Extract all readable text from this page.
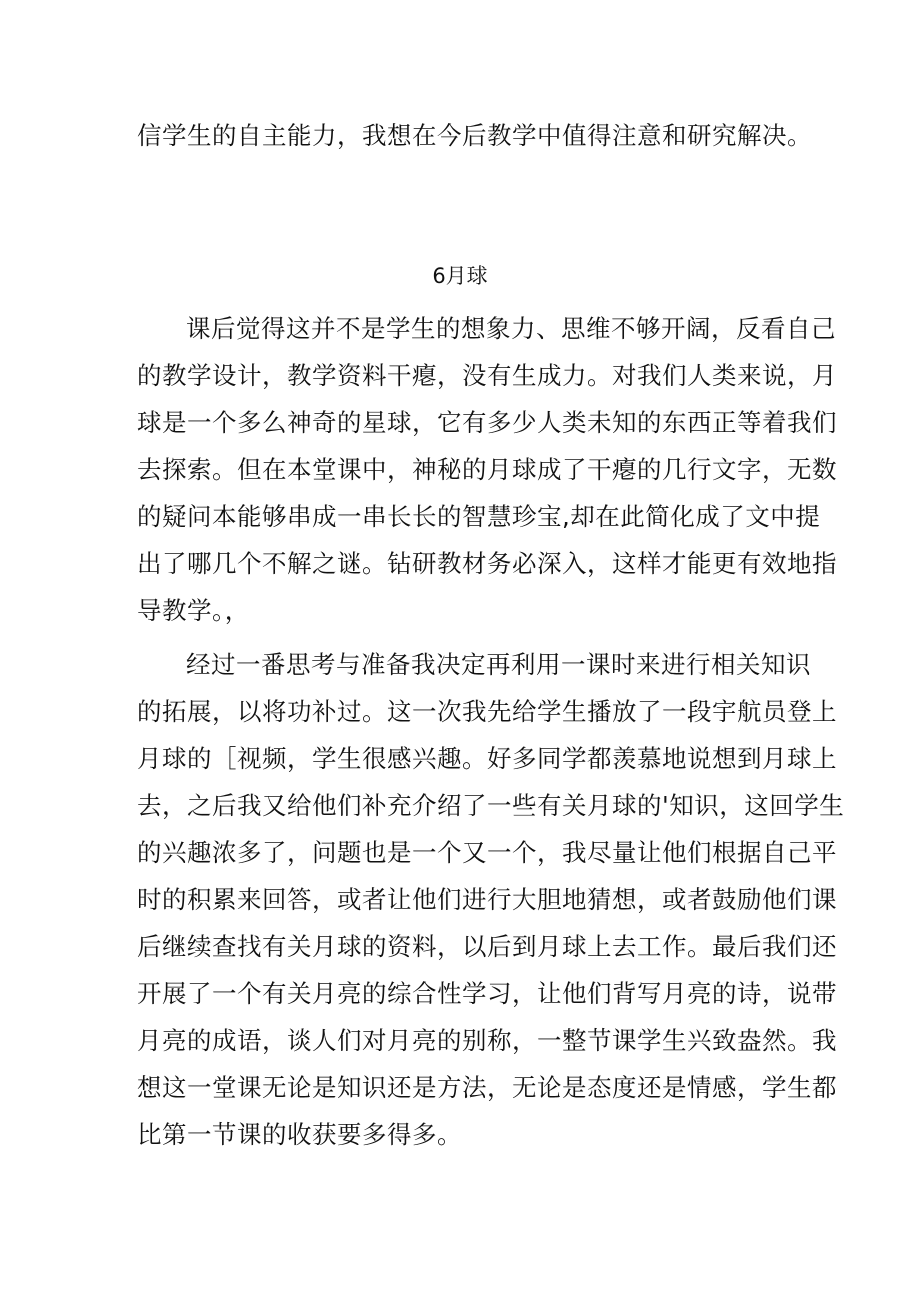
信学生的自主能力，我想在今后教学中值得注意和研究解决。
6月球
课后觉得这并不是学生的想象力、思维不够开阔，反看自己
的教学设计，教学资料干瘪，没有生成力。对我们人类来说，月
球是一个多么神奇的星球，它有多少人类未知的东西正等着我们
去探索。但在本堂课中，神秘的月球成了干瘪的几行文字，无数
的疑问本能够串成一串长长的智慧珍宝,却在此简化成了文中提
出了哪几个不解之谜。钻研教材务必深入，这样才能更有效地指
导教学。，
经过一番思考与准备我决定再利用一课时来进行相关知识
的拓展，以将功补过。这一次我先给学生播放了一段宇航员登上
月球的［视频，学生很感兴趣。好多同学都羡慕地说想到月球上
去，之后我又给他们补充介绍了一些有关月球的'知识，这回学生
的兴趣浓多了，问题也是一个又一个，我尽量让他们根据自己平
时的积累来回答，或者让他们进行大胆地猜想，或者鼓励他们课
后继续查找有关月球的资料，以后到月球上去工作。最后我们还
开展了一个有关月亮的综合性学习，让他们背写月亮的诗，说带
月亮的成语，谈人们对月亮的别称，一整节课学生兴致盎然。我
想这一堂课无论是知识还是方法，无论是态度还是情感，学生都
比第一节课的收获要多得多。
